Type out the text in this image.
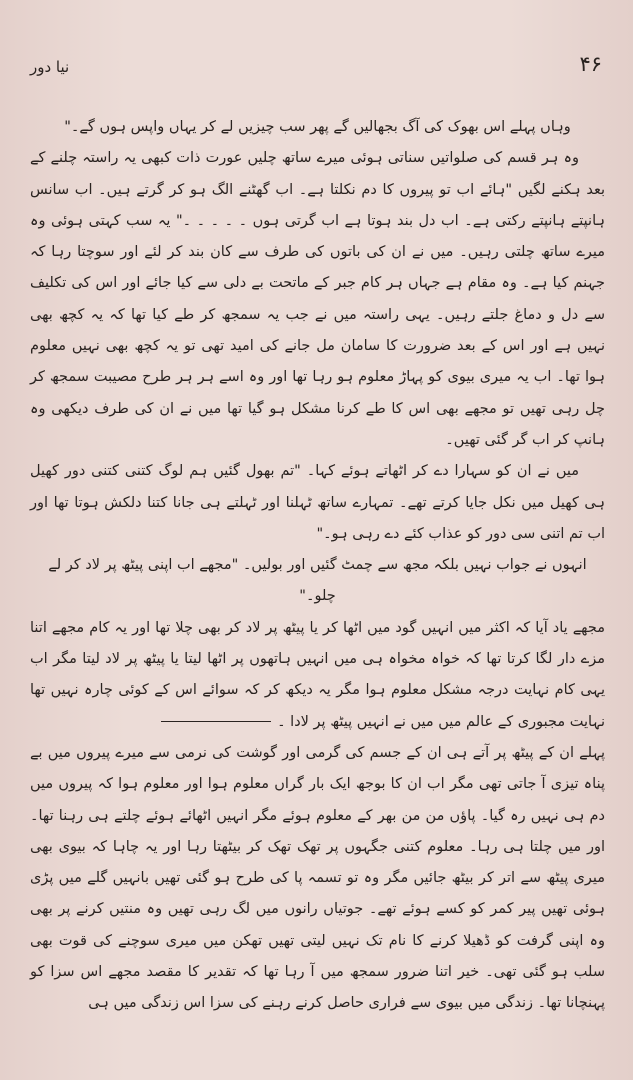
نیا دور	۴۶

وہاں پہلے اس بھوک کی آگ بجھالیں گے پھر سب چیزیں لے کر یہاں واپس ہوں گے۔"

وہ ہر قسم کی صلواتیں سناتی ہوئی میرے ساتھ چلیں عورت ذات کبھی یہ راستہ چلنے کے بعد ہکنے لگیں "ہائے اب تو پیروں کا دم نکلتا ہے۔ اب گھٹنے الگ ہو کر گرتے ہیں۔ اب سانس ہانپتے ہانپتے رکتی ہے۔ اب دل بند ہوتا ہے اب گرتی ہوں ۔ ۔ ۔ ۔ ۔" یہ سب کہتی ہوئی وہ میرے ساتھ چلتی رہیں۔ میں نے ان کی باتوں کی طرف سے کان بند کر لئے اور سوچتا رہا کہ جہنم کیا ہے۔ وہ مقام ہے جہاں ہر کام جبر کے ماتحت بے دلی سے کیا جائے اور اس کی تکلیف سے دل و دماغ جلتے رہیں۔ یہی راستہ میں نے جب یہ سمجھ کر طے کیا تھا کہ یہ کچھ بھی نہیں ہے اور اس کے بعد ضرورت کا سامان مل جانے کی امید تھی تو یہ کچھ بھی نہیں معلوم ہوا تھا۔ اب یہ میری بیوی کو پہاڑ معلوم ہو رہا تھا اور وہ اسے ہر ہر طرح مصیبت سمجھ کر چل رہی تھیں تو مجھے بھی اس کا طے کرنا مشکل ہو گیا تھا میں نے ان کی طرف دیکھی وہ ہانپ کر اب گر گئی تھیں۔

میں نے ان کو سہارا دے کر اٹھاتے ہوئے کہا۔ "تم بھول گئیں ہم لوگ کتنی کتنی دور کھیل ہی کھیل میں نکل جایا کرتے تھے۔ تمہارے ساتھ ٹہلنا اور ٹہلتے ہی جانا کتنا دلکش ہوتا تھا اور اب تم اتنی سی دور کو عذاب کئے دے رہی ہو۔"

انہوں نے جواب نہیں بلکہ مجھ سے چمٹ گئیں اور بولیں۔ "مجھے اب اپنی پیٹھ پر لاد کر لے چلو۔"

مجھے یاد آیا کہ اکثر میں انہیں گود میں اٹھا کر یا پیٹھ پر لاد کر بھی چلا تھا اور یہ کام مجھے اتنا مزے دار لگا کرتا تھا کہ خواہ مخواہ ہی میں انہیں ہاتھوں پر اٹھا لیتا یا پیٹھ پر لاد لیتا مگر اب یہی کام نہایت درجہ مشکل معلوم ہوا مگر یہ دیکھ کر کہ سوائے اس کے کوئی چارہ نہیں تھا نہایت مجبوری کے عالم میں میں نے انہیں پیٹھ پر لادا ۔

پہلے ان کے پیٹھ پر آتے ہی ان کے جسم کی گرمی اور گوشت کی نرمی سے میرے پیروں میں بے پناہ تیزی آ جاتی تھی مگر اب ان کا بوجھ ایک بار گراں معلوم ہوا اور معلوم ہوا کہ پیروں میں دم ہی نہیں رہ گیا۔ پاؤں من من بھر کے معلوم ہوئے مگر انہیں اٹھائے ہوئے چلتے ہی رہنا تھا۔ اور میں چلتا ہی رہا۔ معلوم کتنی جگہوں پر تھک تھک کر بیٹھتا رہا اور یہ چاہا کہ بیوی بھی میری پیٹھ سے اتر کر بیٹھ جائیں مگر وہ تو تسمہ پا کی طرح ہو گئی تھیں بانہیں گلے میں پڑی ہوئی تھیں پیر کمر کو کسے ہوئے تھے۔ جوتیاں رانوں میں لگ رہی تھیں وہ منتیں کرنے پر بھی وہ اپنی گرفت کو ڈھیلا کرنے کا نام تک نہیں لیتی تھیں تھکن میں میری سوچنے کی قوت بھی سلب ہو گئی تھی۔ خیر اتنا ضرور سمجھ میں آ رہا تھا کہ تقدیر کا مقصد مجھے اس سزا کو پہنچانا تھا۔ زندگی میں بیوی سے فراری حاصل کرنے رہنے کی سزا اس زندگی میں ہی
